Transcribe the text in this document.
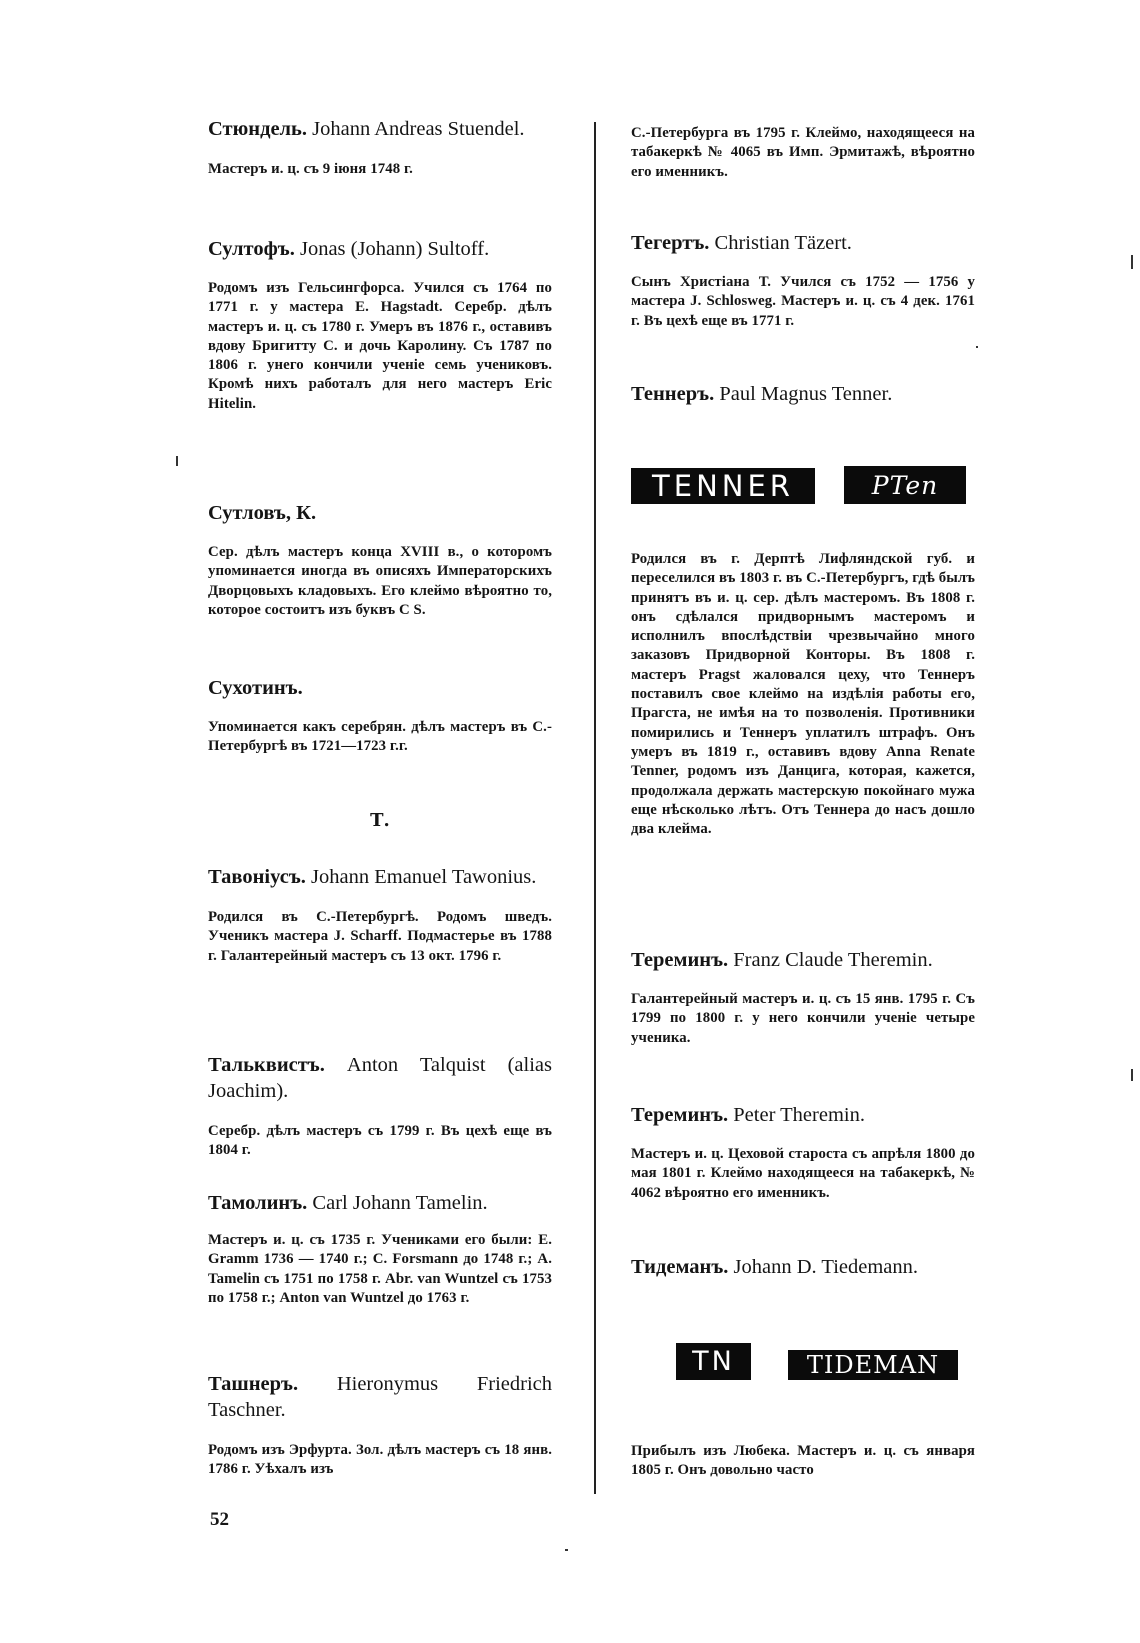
Стюндель. Johann Andreas Stuendel.
Мастеръ и. ц. съ 9 іюня 1748 г.
Султофъ. Jonas (Johann) Sultoff.
Родомъ изъ Гельсингфорса. Учился съ 1764 по 1771 г. у мастера E. Hagstadt. Серебр. дѣлъ мастеръ и. ц. съ 1780 г. Умеръ въ 1876 г., оставивъ вдову Бригитту С. и дочь Каролину. Съ 1787 по 1806 г. унего кончили ученіе семь учениковъ. Кромѣ нихъ работалъ для него мастеръ Eric Hitelin.
Сутловъ, К.
Сер. дѣлъ мастеръ конца XVIII в., о которомъ упоминается иногда въ описяхъ Императорскихъ Дворцовыхъ кладовыхъ. Его клеймо вѣроятно то, которое состоитъ изъ буквъ C S.
Сухотинъ.
Упоминается какъ серебрян. дѣлъ мастеръ въ С.-Петербургѣ въ 1721—1723 г.г.
Т.
Тавоніусъ. Johann Emanuel Tawonius.
Родился въ С.-Петербургѣ. Родомъ шведъ. Ученикъ мастера J. Scharff. Подмастерье въ 1788 г. Галантерейный мастеръ съ 13 окт. 1796 г.
Тальквистъ. Anton Talquist (alias Joachim).
Серебр. дѣлъ мастеръ съ 1799 г. Въ цехѣ еще въ 1804 г.
Тамолинъ. Carl Johann Tamelin.
Мастеръ и. ц. съ 1735 г. Учениками его были: E. Gramm 1736 — 1740 г.; C. Forsmann до 1748 г.; A. Tamelin съ 1751 по 1758 г. Abr. van Wuntzel съ 1753 по 1758 г.; Anton van Wuntzel до 1763 г.
Ташнеръ. Hieronymus Friedrich Taschner.
Родомъ изъ Эрфурта. Зол. дѣлъ мастеръ съ 18 янв. 1786 г. Уѣхалъ изъ
С.-Петербурга въ 1795 г. Клеймо, находящееся на табакеркѣ № 4065 въ Имп. Эрмитажѣ, вѣроятно его именникъ.
Тегертъ. Christian Täzert.
Сынъ Христіана Т. Учился съ 1752 — 1756 у мастера J. Schlosweg. Мастеръ и. ц. съ 4 дек. 1761 г. Въ цехѣ еще въ 1771 г.
Теннеръ. Paul Magnus Tenner.
Родился въ г. Дерптѣ Лифляндской губ. и переселился въ 1803 г. въ С.-Петербургъ, гдѣ былъ принятъ въ и. ц. сер. дѣлъ мастеромъ. Въ 1808 г. онъ сдѣлался придворнымъ мастеромъ и исполнилъ впослѣдствіи чрезвычайно много заказовъ Придворной Конторы. Въ 1808 г. мастеръ Pragst жаловался цеху, что Теннеръ поставилъ свое клеймо на издѣлія работы его, Прагста, не имѣя на то позволенія. Противники помирились и Теннеръ уплатилъ штрафъ. Онъ умеръ въ 1819 г., оставивъ вдову Anna Renate Tenner, родомъ изъ Данцига, которая, кажется, продолжала держать мастерскую покойнаго мужа еще нѣсколько лѣтъ. Отъ Теннера до насъ дошло два клейма.
Тереминъ. Franz Claude Theremin.
Галантерейный мастеръ и. ц. съ 15 янв. 1795 г. Съ 1799 по 1800 г. у него кончили ученіе четыре ученика.
Тереминъ. Peter Theremin.
Мастеръ и. ц. Цеховой староста съ апрѣля 1800 до мая 1801 г. Клеймо находящееся на табакеркѣ, № 4062 вѣроятно его именникъ.
Тидеманъ. Johann D. Tiedemann.
Прибылъ изъ Любека. Мастеръ и. ц. съ января 1805 г. Онъ довольно часто
TENNER	PTen
TN	TIDEMAN
52
